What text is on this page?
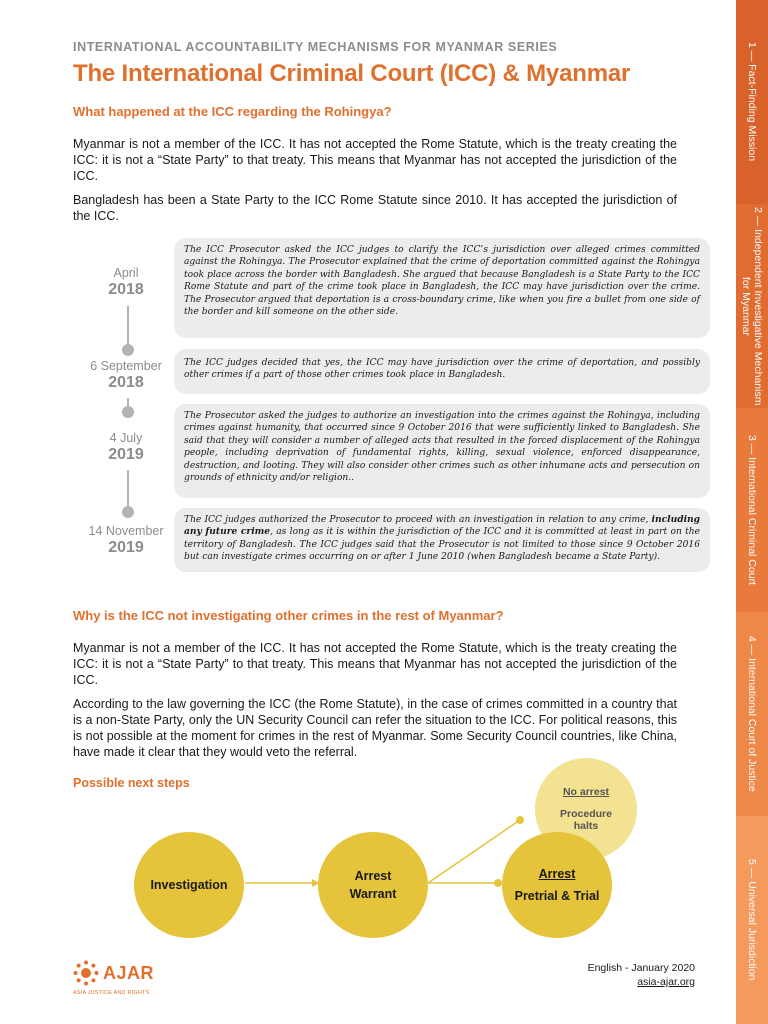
INTERNATIONAL ACCOUNTABILITY MECHANISMS FOR MYANMAR SERIES
The International Criminal Court (ICC) & Myanmar
What happened at the ICC regarding the Rohingya?

Myanmar is not a member of the ICC. It has not accepted the Rome Statute, which is the treaty creating the ICC: it is not a “State Party” to that treaty. This means that Myanmar has not accepted the jurisdiction of the ICC.

Bangladesh has been a State Party to the ICC Rome Statute since 2010. It has accepted the jurisdiction of the ICC.

April
2018
The ICC Prosecutor asked the ICC judges to clarify the ICC’s jurisdiction over alleged crimes committed against the Rohingya. The Prosecutor explained that the crime of deportation committed against the Rohingya took place across the border with Bangladesh. She argued that because Bangladesh is a State Party to the ICC Rome Statute and part of the crime took place in Bangladesh, the ICC may have jurisdiction over the crime. The Prosecutor argued that deportation is a cross-boundary crime, like when you fire a bullet from one side of the border and kill someone on the other side.
6 September
2018
The ICC judges decided that yes, the ICC may have jurisdiction over the crime of deportation, and possibly other crimes if a part of those other crimes took place in Bangladesh.
4 July
2019
The Prosecutor asked the judges to authorize an investigation into the crimes against the Rohingya, including crimes against humanity, that occurred since 9 October 2016 that were sufficiently linked to Bangladesh. She said that they will consider a number of alleged acts that resulted in the forced displacement of the Rohingya people, including deprivation of fundamental rights, killing, sexual violence, enforced disappearance, destruction, and looting. They will also consider other crimes such as other inhumane acts and persecution on grounds of ethnicity and/or religion..
14 November
2019
The ICC judges authorized the Prosecutor to proceed with an investigation in relation to any crime, including any future crime, as long as it is within the jurisdiction of the ICC and it is committed at least in part on the territory of Bangladesh. The ICC judges said that the Prosecutor is not limited to those since 9 October 2016 but can investigate crimes occurring on or after 1 June 2010 (when Bangladesh became a State Party).
Why is the ICC not investigating other crimes in the rest of Myanmar?

Myanmar is not a member of the ICC. It has not accepted the Rome Statute, which is the treaty creating the ICC: it is not a “State Party” to that treaty. This means that Myanmar has not accepted the jurisdiction of the ICC.

According to the law governing the ICC (the Rome Statute), in the case of crimes committed in a country that is a non-State Party, only the UN Security Council can refer the situation to the ICC. For political reasons, this is not possible at the moment for crimes in the rest of Myanmar. Some Security Council countries, like China, have made it clear that they would veto the referral.

Possible next steps
No arrest
Procedure
halts
Investigation
Arrest
Warrant
Arrest
Pretrial & Trial
1 — Fact-Finding Mission
2 — Independent Investigative Mechanism for Myanmar
3 — International Criminal Court
4 — International Court of Justice
5 — Universal Jurisdiction
AJAR
ASIA JUSTICE AND RIGHTS
English - January 2020
asia-ajar.org
